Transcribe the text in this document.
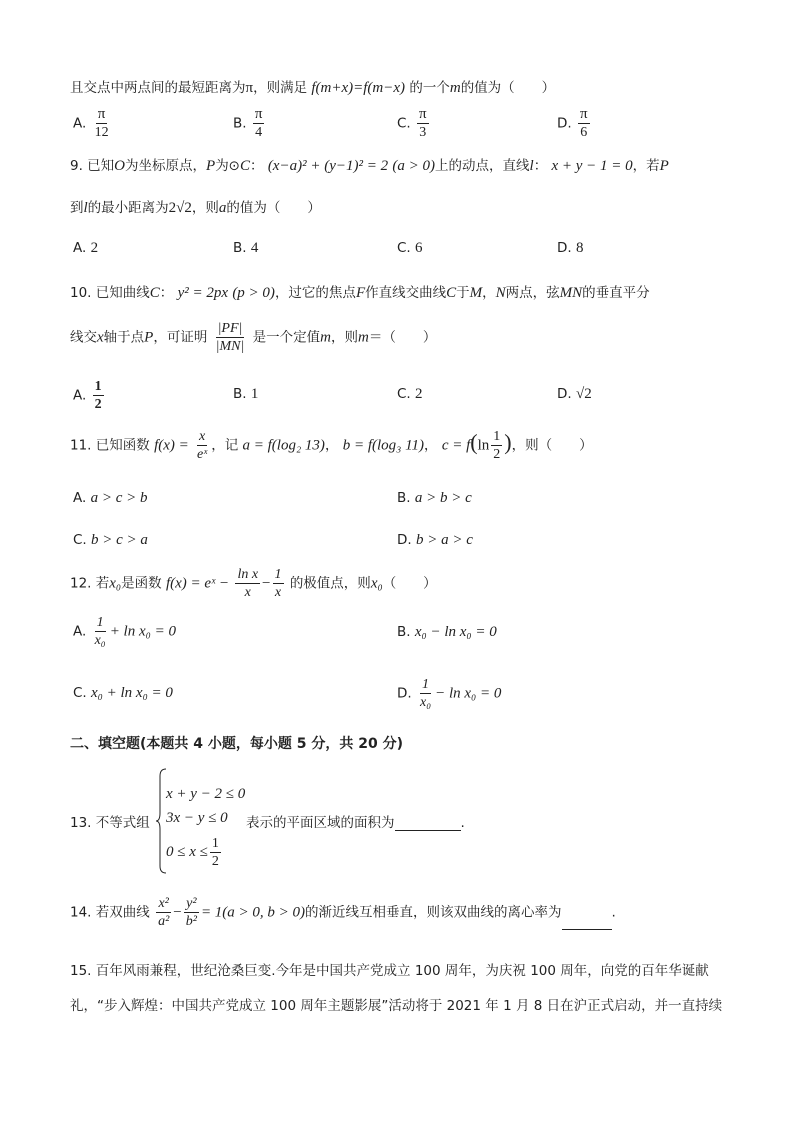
且交点中两点间的最短距离为π，则满足 f(m+x)=f(m−x) 的一个m的值为（　　）
A. $\frac{\pi}{12}$	B. $\frac{\pi}{4}$	C. $\frac{\pi}{3}$	D. $\frac{\pi}{6}$
9. 已知O为坐标原点，P为⊙C： (x−a)² + (y−1)² = 2 (a > 0)上的动点，直线l： x + y − 1 = 0，若P
到l的最小距离为2√2，则a的值为（　　）
A. 2	B. 4	C. 6	D. 8
10. 已知曲线C： y² = 2px (p > 0)，过它的焦点F作直线交曲线C于M，N两点，弦MN的垂直平分
线交x轴于点P，可证明 $\frac{|PF|}{|MN|}$ 是一个定值m，则m＝（　　）
A. $\frac{1}{2}$	B. 1	C. 2	D. √2
11. 已知函数 $f(x) = \frac{x}{\text{eˣ}}$ ，记 a = f(log₂ 13)， b = f(log₃ 11)， $c = f(\ln \frac{1}{2}$ )，则（　　）
A. a > c > b	B. a > b > c
C. b > c > a	D. b > a > c
12. 若x₀是函数 f(x) = eˣ − $\frac{\text{ln x}}{x} - \frac{1}{x}$ 的极值点，则x₀（　　）
A. $\frac{1}{\text{x₀}} + \ln x_0 = 0$	B. x₀ − ln x₀ = 0
C. x₀ + ln x₀ = 0	D. $\frac{1}{\text{x₀}} - \ln x_0 = 0$
二、填空题(本题共 4 小题，每小题 5 分，共 20 分)
13. 不等式组
x + y − 2 ≤ 0
3x − y ≤ 0
$0 \le x \le \frac{1}{2}$
表示的平面区域的面积为	.
14. 若双曲线 $\frac{\text{x²}}{\text{a²}} - \frac{\text{y²}}{\text{b²}} = 1(a > 0$, b > 0)的渐近线互相垂直，则该双曲线的离心率为	.
15. 百年风雨兼程，世纪沧桑巨变.今年是中国共产党成立 100 周年，为庆祝 100 周年，向党的百年华诞献
礼，“步入辉煌：中国共产党成立 100 周年主题影展”活动将于 2021 年 1 月 8 日在沪正式启动，并一直持续
